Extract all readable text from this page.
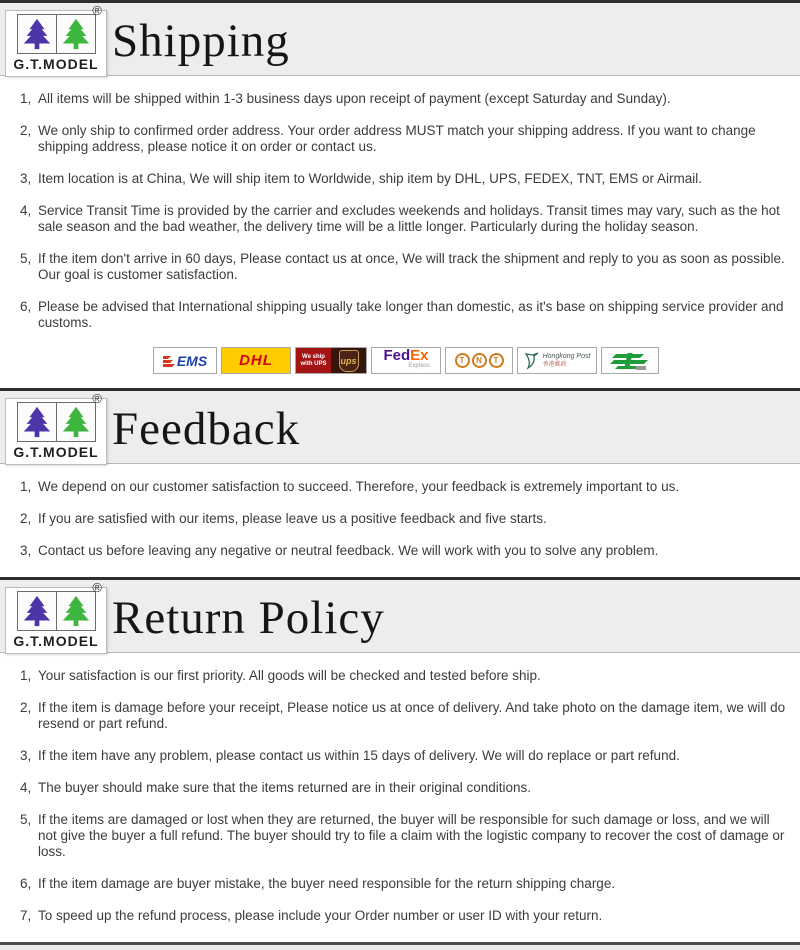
®
G.T.MODEL Shipping

1, All items will be shipped within 1-3 business days upon receipt of payment (except Saturday and Sunday).

2, We only ship to confirmed order address. Your order address MUST match your shipping address. If you want to change shipping address, please notice it on order or contact us.

3, Item location is at China, We will ship item to Worldwide, ship item by DHL, UPS, FEDEX, TNT, EMS or Airmail.

4, Service Transit Time is provided by the carrier and excludes weekends and holidays. Transit times may vary, such as the hot sale season and the bad weather, the delivery time will be a little longer. Particularly during the holiday season.

5, If the item don't arrive in 60 days, Please contact us at once, We will track the shipment and reply to you as soon as possible. Our goal is customer satisfaction.

6, Please be advised that International shipping usually take longer than domestic, as it's base on shipping service provider and customs.

EMS DHL	We ship with UPS	ups FedEx
Express
T	N	T	Hongkong Post
香港郵政
®
G.T.MODEL Feedback

1, We depend on our customer satisfaction to succeed. Therefore, your feedback is extremely important to us.

2, If you are satisfied with our items, please leave us a positive feedback and five starts.

3, Contact us before leaving any negative or neutral feedback. We will work with you to solve any problem.

®
G.T.MODEL Return Policy

1, Your satisfaction is our first priority. All goods will be checked and tested before ship.

2, If the item is damage before your receipt, Please notice us at once of delivery. And take photo on the damage item, we will do resend or part refund.

3, If the item have any problem, please contact us within 15 days of delivery. We will do replace or part refund.

4, The buyer should make sure that the items returned are in their original conditions.

5, If the items are damaged or lost when they are returned, the buyer will be responsible for such damage or loss, and we will not give the buyer a full refund. The buyer should try to file a claim with the logistic company to recover the cost of damage or loss.

6, If the item damage are buyer mistake, the buyer need responsible for the return shipping charge.

7, To speed up the refund process, please include your Order number or user ID with your return.
